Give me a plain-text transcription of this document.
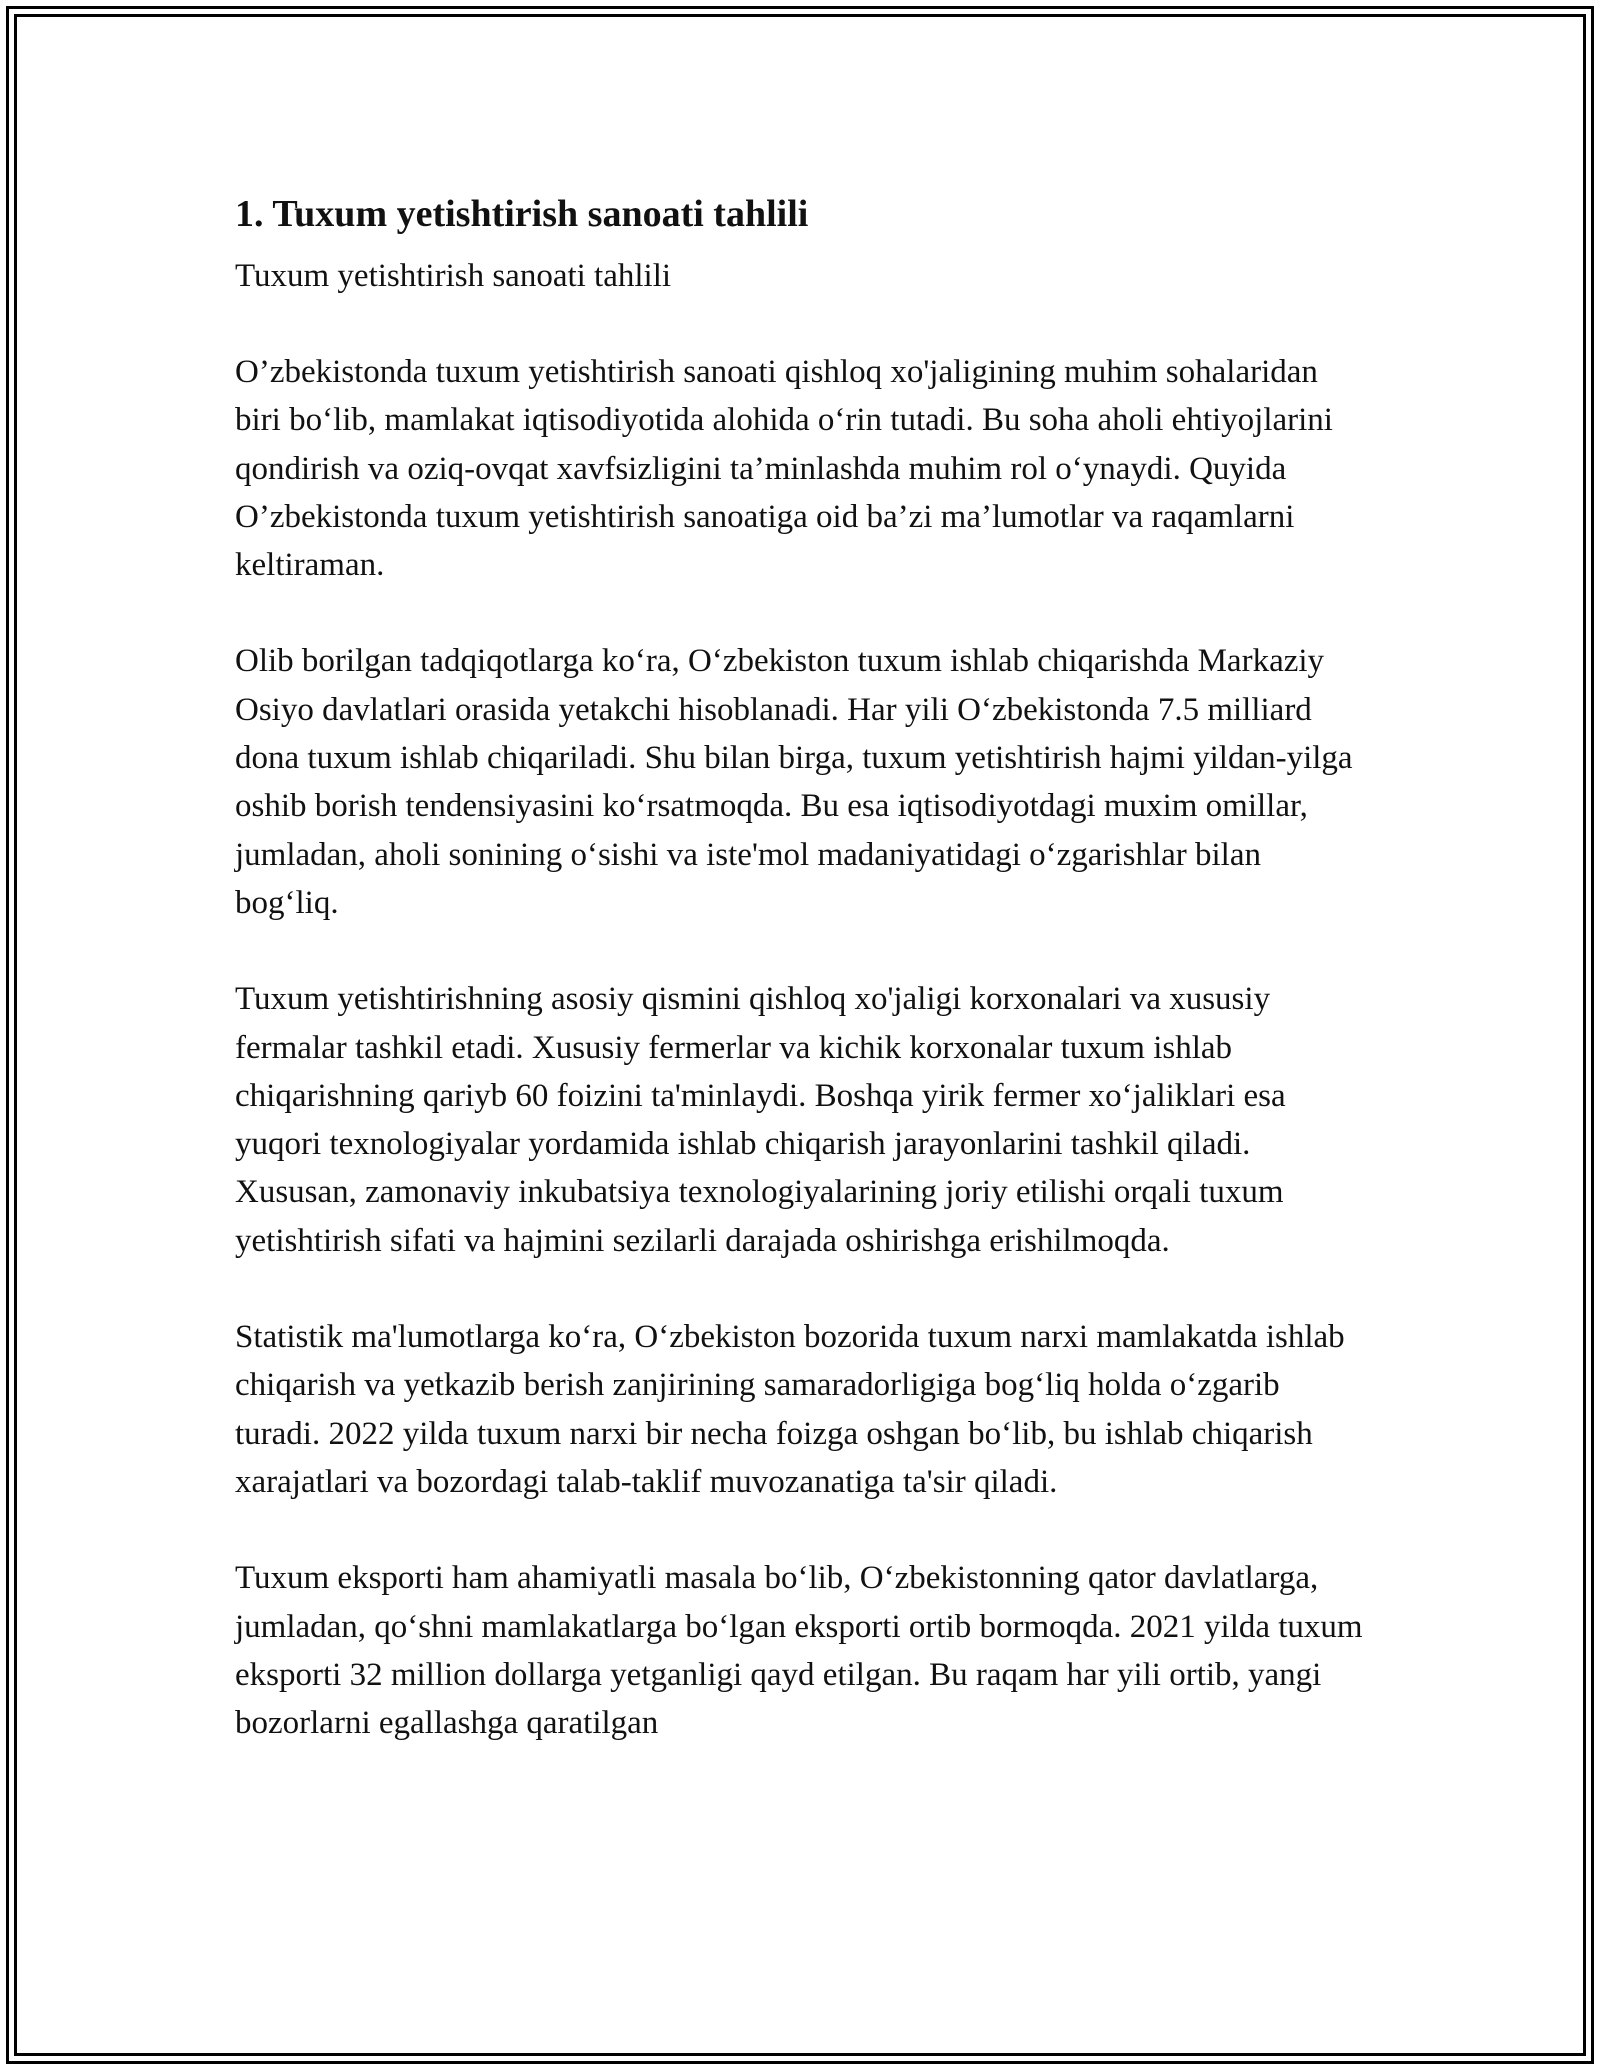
1. Tuxum yetishtirish sanoati tahlili

Tuxum yetishtirish sanoati tahlili

O’zbekistonda tuxum yetishtirish sanoati qishloq xo'jaligining muhim sohalaridan biri bo‘lib, mamlakat iqtisodiyotida alohida o‘rin tutadi. Bu soha aholi ehtiyojlarini qondirish va oziq-ovqat xavfsizligini ta’minlashda muhim rol o‘ynaydi. Quyida O’zbekistonda tuxum yetishtirish sanoatiga oid ba’zi ma’lumotlar va raqamlarni keltiraman.

Olib borilgan tadqiqotlarga ko‘ra, O‘zbekiston tuxum ishlab chiqarishda Markaziy Osiyo davlatlari orasida yetakchi hisoblanadi. Har yili O‘zbekistonda 7.5 milliard dona tuxum ishlab chiqariladi. Shu bilan birga, tuxum yetishtirish hajmi yildan-yilga oshib borish tendensiyasini ko‘rsatmoqda. Bu esa iqtisodiyotdagi muxim omillar, jumladan, aholi sonining o‘sishi va iste'mol madaniyatidagi o‘zgarishlar bilan bog‘liq.

Tuxum yetishtirishning asosiy qismini qishloq xo'jaligi korxonalari va xususiy fermalar tashkil etadi. Xususiy fermerlar va kichik korxonalar tuxum ishlab chiqarishning qariyb 60 foizini ta'minlaydi. Boshqa yirik fermer xo‘jaliklari esa yuqori texnologiyalar yordamida ishlab chiqarish jarayonlarini tashkil qiladi. Xususan, zamonaviy inkubatsiya texnologiyalarining joriy etilishi orqali tuxum yetishtirish sifati va hajmini sezilarli darajada oshirishga erishilmoqda.

Statistik ma'lumotlarga ko‘ra, O‘zbekiston bozorida tuxum narxi mamlakatda ishlab chiqarish va yetkazib berish zanjirining samaradorligiga bog‘liq holda o‘zgarib turadi. 2022 yilda tuxum narxi bir necha foizga oshgan bo‘lib, bu ishlab chiqarish xarajatlari va bozordagi talab-taklif muvozanatiga ta'sir qiladi.

Tuxum eksporti ham ahamiyatli masala bo‘lib, O‘zbekistonning qator davlatlarga, jumladan, qo‘shni mamlakatlarga bo‘lgan eksporti ortib bormoqda. 2021 yilda tuxum eksporti 32 million dollarga yetganligi qayd etilgan. Bu raqam har yili ortib, yangi bozorlarni egallashga qaratilgan
